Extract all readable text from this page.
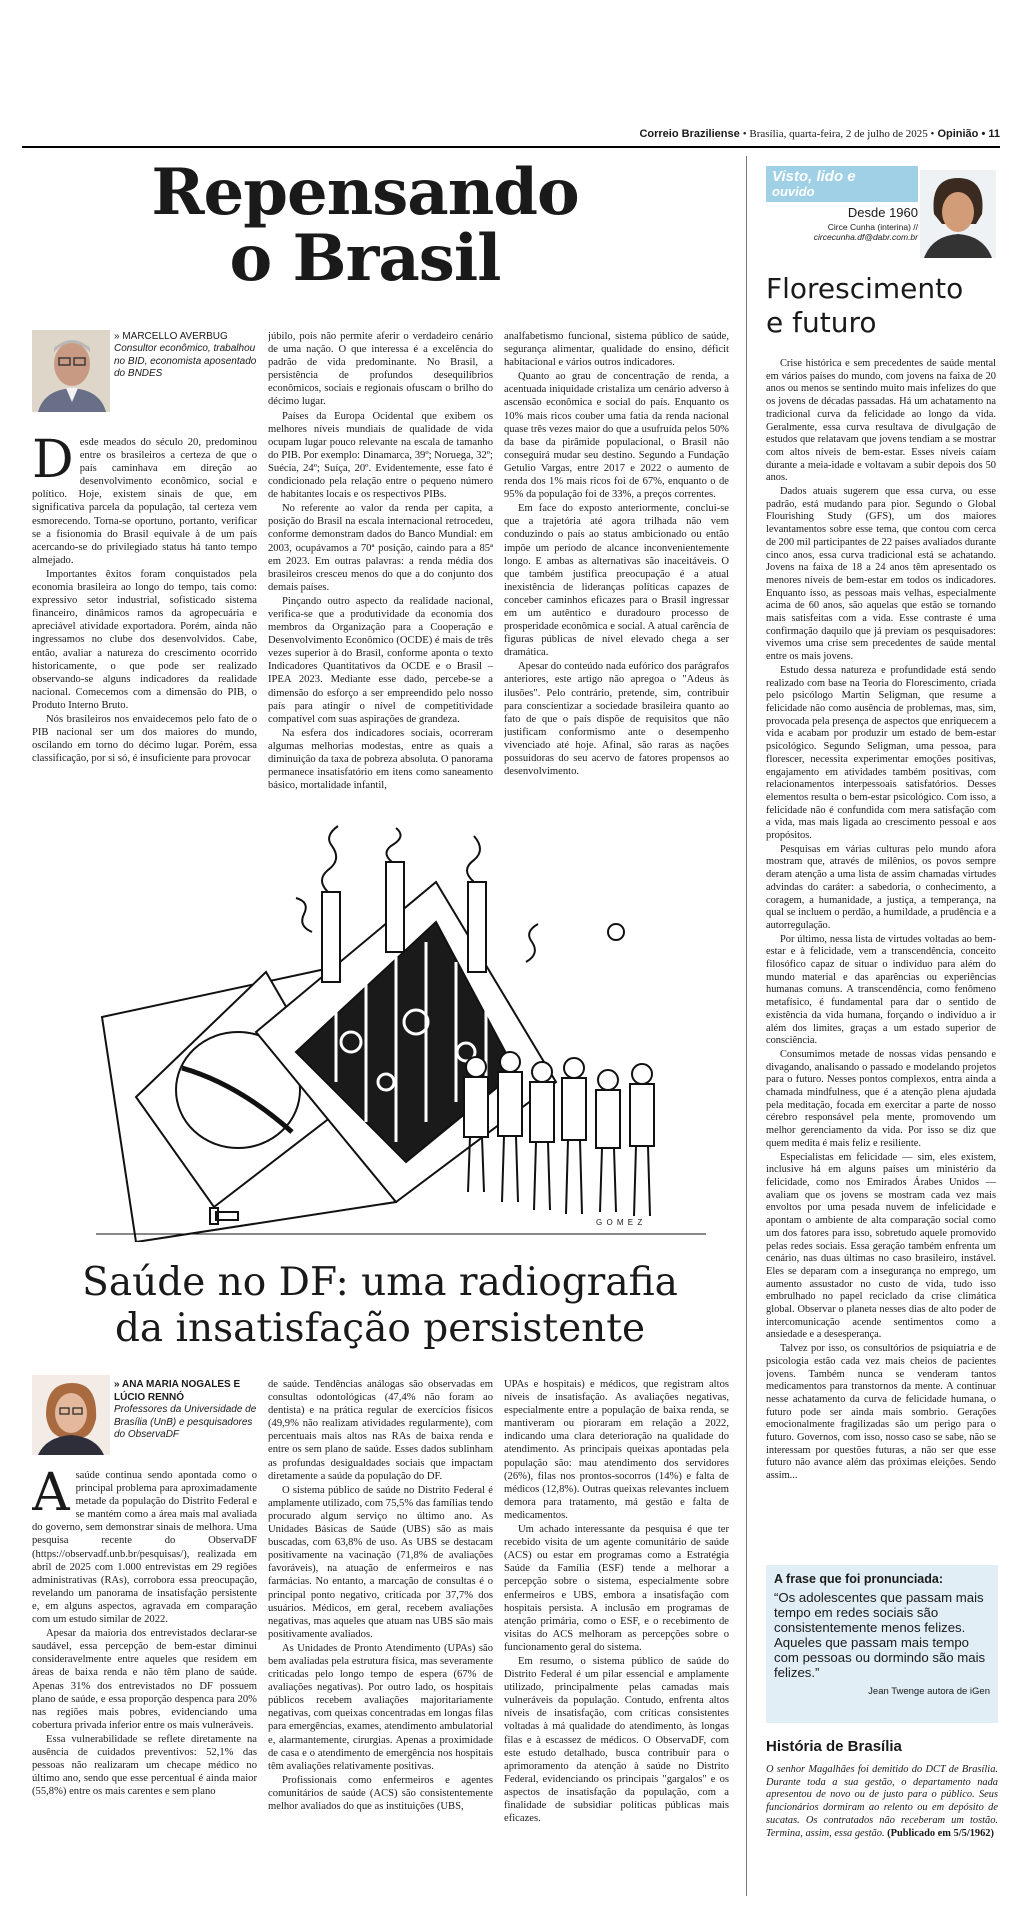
Correio Braziliense • Brasília, quarta-feira, 2 de julho de 2025 • Opinião • 11
Repensando
o Brasil
» MARCELLO AVERBUG
Consultor econômico, trabalhou no BID, economista aposentado do BNDES
D esde meados do século 20, predominou entre os brasileiros a certeza de que o país caminhava em direção ao desenvolvimento econômico, social e político. Hoje, existem sinais de que, em significativa parcela da população, tal certeza vem esmorecendo. Torna-se oportuno, portanto, verificar se a fisionomia do Brasil equivale à de um país acercando-se do privilegiado status há tanto tempo almejado.

Importantes êxitos foram conquistados pela economia brasileira ao longo do tempo, tais como: expressivo setor industrial, sofisticado sistema financeiro, dinâmicos ramos da agropecuária e apreciável atividade exportadora. Porém, ainda não ingressamos no clube dos desenvolvidos. Cabe, então, avaliar a natureza do crescimento ocorrido historicamente, o que pode ser realizado observando-se alguns indicadores da realidade nacional. Comecemos com a dimensão do PIB, o Produto Interno Bruto.

Nós brasileiros nos envaidecemos pelo fato de o PIB nacional ser um dos maiores do mundo, oscilando em torno do décimo lugar. Porém, essa classificação, por si só, é insuficiente para provocar

júbilo, pois não permite aferir o verdadeiro cenário de uma nação. O que interessa é a excelência do padrão de vida predominante. No Brasil, a persistência de profundos desequilíbrios econômicos, sociais e regionais ofuscam o brilho do décimo lugar.

Países da Europa Ocidental que exibem os melhores níveis mundiais de qualidade de vida ocupam lugar pouco relevante na escala de tamanho do PIB. Por exemplo: Dinamarca, 39º; Noruega, 32º; Suécia, 24º; Suíça, 20º. Evidentemente, esse fato é condicionado pela relação entre o pequeno número de habitantes locais e os respectivos PIBs.

No referente ao valor da renda per capita, a posição do Brasil na escala internacional retrocedeu, conforme demonstram dados do Banco Mundial: em 2003, ocupávamos a 70ª posição, caindo para a 85ª em 2023. Em outras palavras: a renda média dos brasileiros cresceu menos do que a do conjunto dos demais países.

Pinçando outro aspecto da realidade nacional, verifica-se que a produtividade da economia dos membros da Organização para a Cooperação e Desenvolvimento Econômico (OCDE) é mais de três vezes superior à do Brasil, conforme aponta o texto Indicadores Quantitativos da OCDE e o Brasil – IPEA 2023. Mediante esse dado, percebe-se a dimensão do esforço a ser empreendido pelo nosso país para atingir o nível de competitividade compatível com suas aspirações de grandeza.

Na esfera dos indicadores sociais, ocorreram algumas melhorias modestas, entre as quais a diminuição da taxa de pobreza absoluta. O panorama permanece insatisfatório em itens como saneamento básico, mortalidade infantil,

analfabetismo funcional, sistema público de saúde, segurança alimentar, qualidade do ensino, déficit habitacional e vários outros indicadores.

Quanto ao grau de concentração de renda, a acentuada iniquidade cristaliza um cenário adverso à ascensão econômica e social do país. Enquanto os 10% mais ricos couber uma fatia da renda nacional quase três vezes maior do que a usufruída pelos 50% da base da pirâmide populacional, o Brasil não conseguirá mudar seu destino. Segundo a Fundação Getulio Vargas, entre 2017 e 2022 o aumento de renda dos 1% mais ricos foi de 67%, enquanto o de 95% da população foi de 33%, a preços correntes.

Em face do exposto anteriormente, conclui-se que a trajetória até agora trilhada não vem conduzindo o país ao status ambicionado ou então impõe um período de alcance inconvenientemente longo. E ambas as alternativas são inaceitáveis. O que também justifica preocupação é a atual inexistência de lideranças políticas capazes de conceber caminhos eficazes para o Brasil ingressar em um autêntico e duradouro processo de prosperidade econômica e social. A atual carência de figuras públicas de nível elevado chega a ser dramática.

Apesar do conteúdo nada eufórico dos parágrafos anteriores, este artigo não apregoa o "Adeus às ilusões". Pelo contrário, pretende, sim, contribuir para conscientizar a sociedade brasileira quanto ao fato de que o país dispõe de requisitos que não justificam conformismo ante o desempenho vivenciado até hoje. Afinal, são raras as nações possuidoras do seu acervo de fatores propensos ao desenvolvimento.

G O M E Z
Saúde no DF: uma radiografia
da insatisfação persistente
» ANA MARIA NOGALES E LÚCIO RENNÓ
Professores da Universidade de Brasília (UnB) e pesquisadores do ObservaDF
A saúde continua sendo apontada como o principal problema para aproximadamente metade da população do Distrito Federal e se mantém como a área mais mal avaliada do governo, sem demonstrar sinais de melhora. Uma pesquisa recente do ObservaDF (https://observadf.unb.br/pesquisas/), realizada em abril de 2025 com 1.000 entrevistas em 29 regiões administrativas (RAs), corrobora essa preocupação, revelando um panorama de insatisfação persistente e, em alguns aspectos, agravada em comparação com um estudo similar de 2022.

Apesar da maioria dos entrevistados declarar-se saudável, essa percepção de bem-estar diminui consideravelmente entre aqueles que residem em áreas de baixa renda e não têm plano de saúde. Apenas 31% dos entrevistados no DF possuem plano de saúde, e essa proporção despenca para 20% nas regiões mais pobres, evidenciando uma cobertura privada inferior entre os mais vulneráveis.

Essa vulnerabilidade se reflete diretamente na ausência de cuidados preventivos: 52,1% das pessoas não realizaram um checape médico no último ano, sendo que esse percentual é ainda maior (55,8%) entre os mais carentes e sem plano

de saúde. Tendências análogas são observadas em consultas odontológicas (47,4% não foram ao dentista) e na prática regular de exercícios físicos (49,9% não realizam atividades regularmente), com percentuais mais altos nas RAs de baixa renda e entre os sem plano de saúde. Esses dados sublinham as profundas desigualdades sociais que impactam diretamente a saúde da população do DF.

O sistema público de saúde no Distrito Federal é amplamente utilizado, com 75,5% das famílias tendo procurado algum serviço no último ano. As Unidades Básicas de Saúde (UBS) são as mais buscadas, com 63,8% de uso. As UBS se destacam positivamente na vacinação (71,8% de avaliações favoráveis), na atuação de enfermeiros e nas farmácias. No entanto, a marcação de consultas é o principal ponto negativo, criticada por 37,7% dos usuários. Médicos, em geral, recebem avaliações negativas, mas aqueles que atuam nas UBS são mais positivamente avaliados.

As Unidades de Pronto Atendimento (UPAs) são bem avaliadas pela estrutura física, mas severamente criticadas pelo longo tempo de espera (67% de avaliações negativas). Por outro lado, os hospitais públicos recebem avaliações majoritariamente negativas, com queixas concentradas em longas filas para emergências, exames, atendimento ambulatorial e, alarmantemente, cirurgias. Apenas a proximidade de casa e o atendimento de emergência nos hospitais têm avaliações relativamente positivas.

Profissionais como enfermeiros e agentes comunitários de saúde (ACS) são consistentemente melhor avaliados do que as instituições (UBS,

UPAs e hospitais) e médicos, que registram altos níveis de insatisfação. As avaliações negativas, especialmente entre a população de baixa renda, se mantiveram ou pioraram em relação a 2022, indicando uma clara deterioração na qualidade do atendimento. As principais queixas apontadas pela população são: mau atendimento dos servidores (26%), filas nos prontos-socorros (14%) e falta de médicos (12,8%). Outras queixas relevantes incluem demora para tratamento, má gestão e falta de medicamentos.

Um achado interessante da pesquisa é que ter recebido visita de um agente comunitário de saúde (ACS) ou estar em programas como a Estratégia Saúde da Família (ESF) tende a melhorar a percepção sobre o sistema, especialmente sobre enfermeiros e UBS, embora a insatisfação com hospitais persista. A inclusão em programas de atenção primária, como o ESF, e o recebimento de visitas do ACS melhoram as percepções sobre o funcionamento geral do sistema.

Em resumo, o sistema público de saúde do Distrito Federal é um pilar essencial e amplamente utilizado, principalmente pelas camadas mais vulneráveis da população. Contudo, enfrenta altos níveis de insatisfação, com críticas consistentes voltadas à má qualidade do atendimento, às longas filas e à escassez de médicos. O ObservaDF, com este estudo detalhado, busca contribuir para o aprimoramento da atenção à saúde no Distrito Federal, evidenciando os principais "gargalos" e os aspectos de insatisfação da população, com a finalidade de subsidiar políticas públicas mais eficazes.

Visto, lido e
ouvido
Desde 1960
Circe Cunha (interina) //
circecunha.df@dabr.com.br
Florescimento
e futuro

Crise histórica e sem precedentes de saúde mental em vários países do mundo, com jovens na faixa de 20 anos ou menos se sentindo muito mais infelizes do que os jovens de décadas passadas. Há um achatamento na tradicional curva da felicidade ao longo da vida. Geralmente, essa curva resultava de divulgação de estudos que relatavam que jovens tendiam a se mostrar com altos níveis de bem-estar. Esses níveis caíam durante a meia-idade e voltavam a subir depois dos 50 anos.

Dados atuais sugerem que essa curva, ou esse padrão, está mudando para pior. Segundo o Global Flourishing Study (GFS), um dos maiores levantamentos sobre esse tema, que contou com cerca de 200 mil participantes de 22 países avaliados durante cinco anos, essa curva tradicional está se achatando. Jovens na faixa de 18 a 24 anos têm apresentado os menores níveis de bem-estar em todos os indicadores. Enquanto isso, as pessoas mais velhas, especialmente acima de 60 anos, são aquelas que estão se tornando mais satisfeitas com a vida. Esse contraste é uma confirmação daquilo que já previam os pesquisadores: vivemos uma crise sem precedentes de saúde mental entre os mais jovens.

Estudo dessa natureza e profundidade está sendo realizado com base na Teoria do Florescimento, criada pelo psicólogo Martin Seligman, que resume a felicidade não como ausência de problemas, mas, sim, provocada pela presença de aspectos que enriquecem a vida e acabam por produzir um estado de bem-estar psicológico. Segundo Seligman, uma pessoa, para florescer, necessita experimentar emoções positivas, engajamento em atividades também positivas, com relacionamentos interpessoais satisfatórios. Desses elementos resulta o bem-estar psicológico. Com isso, a felicidade não é confundida com mera satisfação com a vida, mas mais ligada ao crescimento pessoal e aos propósitos.

Pesquisas em várias culturas pelo mundo afora mostram que, através de milênios, os povos sempre deram atenção a uma lista de assim chamadas virtudes advindas do caráter: a sabedoria, o conhecimento, a coragem, a humanidade, a justiça, a temperança, na qual se incluem o perdão, a humildade, a prudência e a autorregulação.

Por último, nessa lista de virtudes voltadas ao bem-estar e à felicidade, vem a transcendência, conceito filosófico capaz de situar o indivíduo para além do mundo material e das aparências ou experiências humanas comuns. A transcendência, como fenômeno metafísico, é fundamental para dar o sentido de existência da vida humana, forçando o indivíduo a ir além dos limites, graças a um estado superior de consciência.

Consumimos metade de nossas vidas pensando e divagando, analisando o passado e modelando projetos para o futuro. Nesses pontos complexos, entra ainda a chamada mindfulness, que é a atenção plena ajudada pela meditação, focada em exercitar a parte de nosso cérebro responsável pela mente, promovendo um melhor gerenciamento da vida. Por isso se diz que quem medita é mais feliz e resiliente.

Especialistas em felicidade — sim, eles existem, inclusive há em alguns países um ministério da felicidade, como nos Emirados Árabes Unidos — avaliam que os jovens se mostram cada vez mais envoltos por uma pesada nuvem de infelicidade e apontam o ambiente de alta comparação social como um dos fatores para isso, sobretudo aquele promovido pelas redes sociais. Essa geração também enfrenta um cenário, nas duas últimas no caso brasileiro, instável. Eles se deparam com a insegurança no emprego, um aumento assustador no custo de vida, tudo isso embrulhado no papel reciclado da crise climática global. Observar o planeta nesses dias de alto poder de intercomunicação acende sentimentos como a ansiedade e a desesperança.

Talvez por isso, os consultórios de psiquiatria e de psicologia estão cada vez mais cheios de pacientes jovens. Também nunca se venderam tantos medicamentos para transtornos da mente. A continuar nesse achatamento da curva de felicidade humana, o futuro pode ser ainda mais sombrio. Gerações emocionalmente fragilizadas são um perigo para o futuro. Governos, com isso, nosso caso se sabe, não se interessam por questões futuras, a não ser que esse futuro não avance além das próximas eleições. Sendo assim...

A frase que foi pronunciada:
“Os adolescentes que passam mais tempo em redes sociais são consistentemente menos felizes. Aqueles que passam mais tempo com pessoas ou dormindo são mais felizes.”
Jean Twenge autora de iGen
História de Brasília
O senhor Magalhães foi demitido do DCT de Brasília. Durante toda a sua gestão, o departamento nada apresentou de novo ou de justo para o público. Seus funcionários dormiram ao relento ou em depósito de sucatas. Os contratados não receberam um tostão. Termina, assim, essa gestão. (Publicado em 5/5/1962)
